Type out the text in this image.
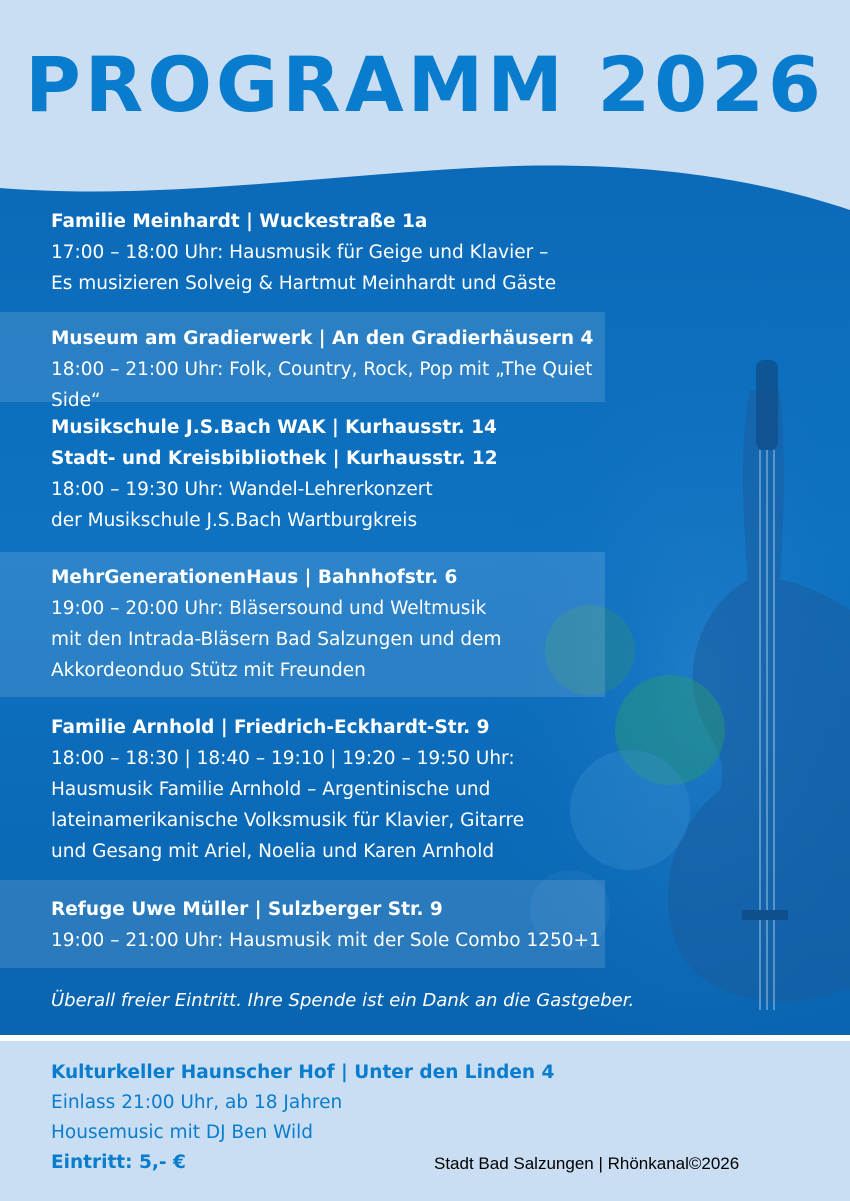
PROGRAMM 2026
Familie Meinhardt | Wuckestraße 1a
17:00 – 18:00 Uhr: Hausmusik für Geige und Klavier –
Es musizieren Solveig & Hartmut Meinhardt und Gäste
Museum am Gradierwerk | An den Gradierhäusern 4
18:00 – 21:00 Uhr: Folk, Country, Rock, Pop mit „The Quiet Side“
Musikschule J.S.Bach WAK | Kurhausstr. 14
Stadt- und Kreisbibliothek | Kurhausstr. 12
18:00 – 19:30 Uhr: Wandel-Lehrerkonzert
der Musikschule J.S.Bach Wartburgkreis
MehrGenerationenHaus | Bahnhofstr. 6
19:00 – 20:00 Uhr: Bläsersound und Weltmusik
mit den Intrada-Bläsern Bad Salzungen und dem
Akkordeonduo Stütz mit Freunden
Familie Arnhold | Friedrich-Eckhardt-Str. 9
18:00 – 18:30 | 18:40 – 19:10 | 19:20 – 19:50 Uhr:
Hausmusik Familie Arnhold – Argentinische und
lateinamerikanische Volksmusik für Klavier, Gitarre
und Gesang mit Ariel, Noelia und Karen Arnhold
Refuge Uwe Müller | Sulzberger Str. 9
19:00 – 21:00 Uhr: Hausmusik mit der Sole Combo 1250+1
Überall freier Eintritt. Ihre Spende ist ein Dank an die Gastgeber.
Kulturkeller Haunscher Hof | Unter den Linden 4
Einlass 21:00 Uhr, ab 18 Jahren
Housemusic mit DJ Ben Wild
Eintritt: 5,- €	Stadt Bad Salzungen | Rhönkanal©2026
